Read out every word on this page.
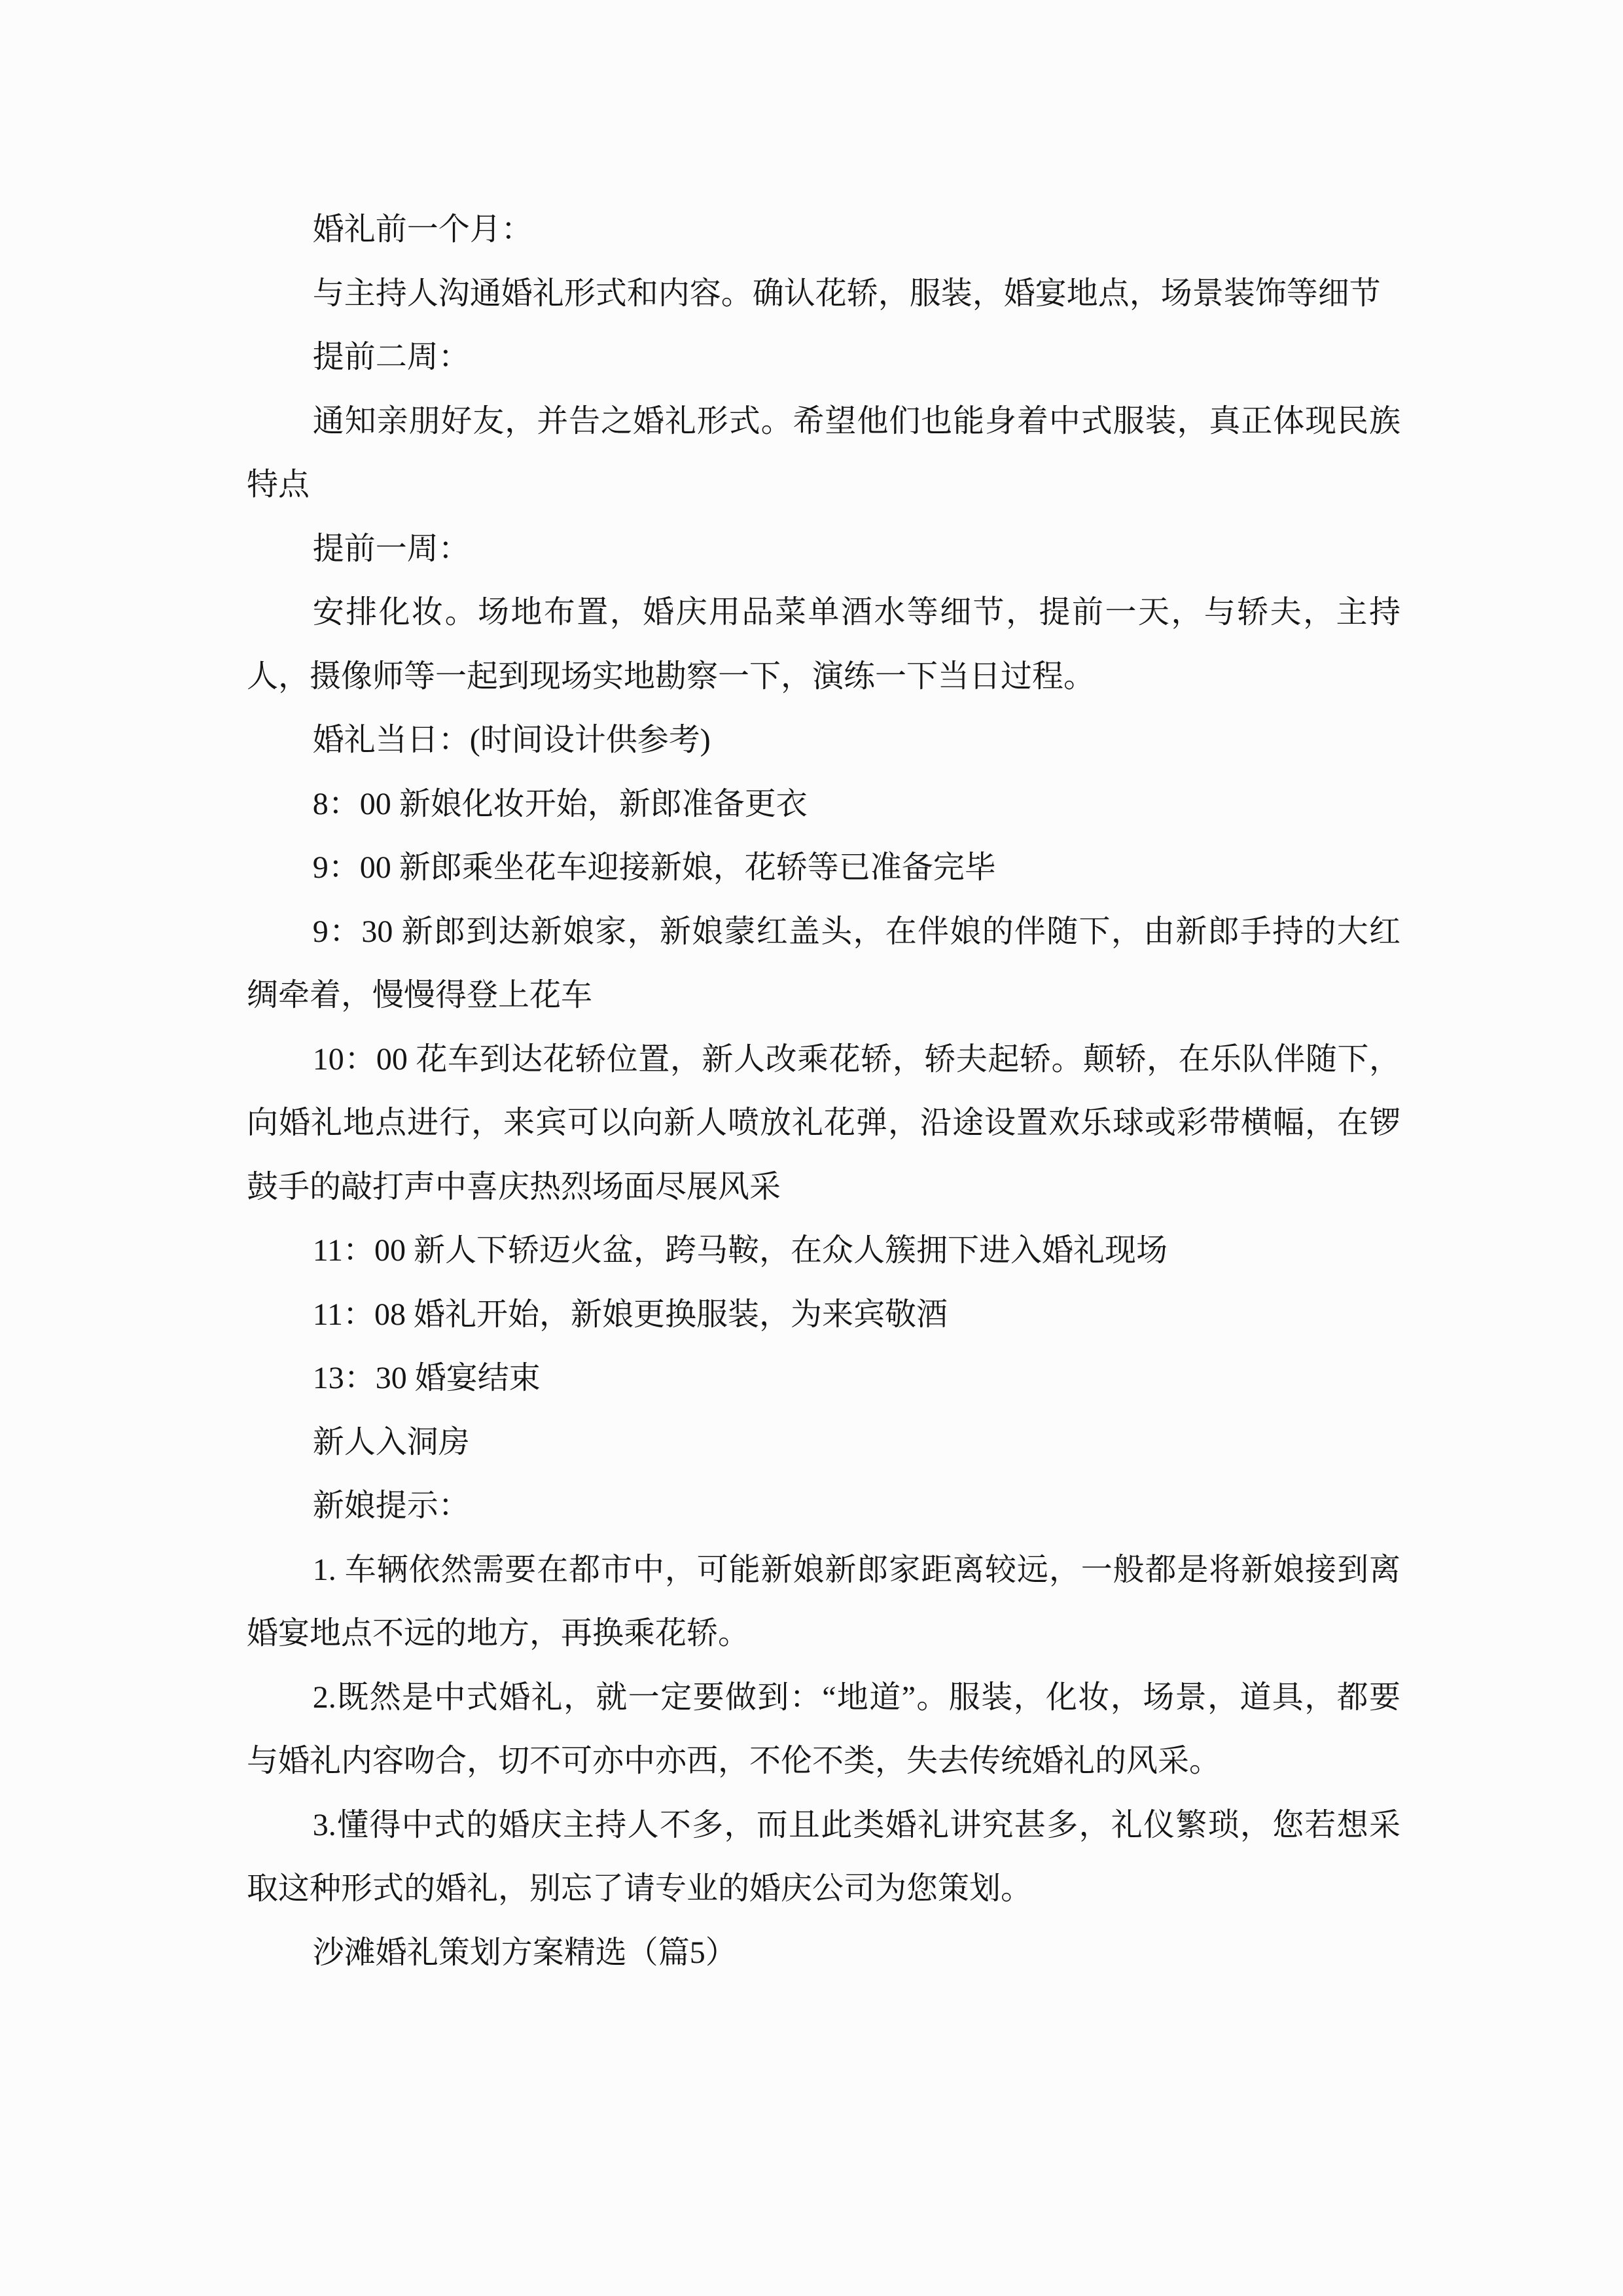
婚礼前一个月：

与主持人沟通婚礼形式和内容。确认花轿，服装，婚宴地点，场景装饰等细节

提前二周：

通知亲朋好友，并告之婚礼形式。希望他们也能身着中式服装，真正体现民族特点

提前一周：

安排化妆。场地布置，婚庆用品菜单酒水等细节，提前一天，与轿夫，主持人，摄像师等一起到现场实地勘察一下，演练一下当日过程。

婚礼当日：(时间设计供参考)

8：00 新娘化妆开始，新郎准备更衣

9：00 新郎乘坐花车迎接新娘，花轿等已准备完毕

9：30 新郎到达新娘家，新娘蒙红盖头，在伴娘的伴随下，由新郎手持的大红绸牵着，慢慢得登上花车

10：00 花车到达花轿位置，新人改乘花轿，轿夫起轿。颠轿，在乐队伴随下，向婚礼地点进行，来宾可以向新人喷放礼花弹，沿途设置欢乐球或彩带横幅，在锣鼓手的敲打声中喜庆热烈场面尽展风采

11：00 新人下轿迈火盆，跨马鞍，在众人簇拥下进入婚礼现场

11：08 婚礼开始，新娘更换服装，为来宾敬酒

13：30 婚宴结束

新人入洞房

新娘提示：

1. 车辆依然需要在都市中，可能新娘新郎家距离较远，一般都是将新娘接到离婚宴地点不远的地方，再换乘花轿。

2.既然是中式婚礼，就一定要做到：“地道”。服装，化妆，场景，道具，都要与婚礼内容吻合，切不可亦中亦西，不伦不类，失去传统婚礼的风采。

3.懂得中式的婚庆主持人不多，而且此类婚礼讲究甚多，礼仪繁琐，您若想采取这种形式的婚礼，别忘了请专业的婚庆公司为您策划。

沙滩婚礼策划方案精选（篇5）
